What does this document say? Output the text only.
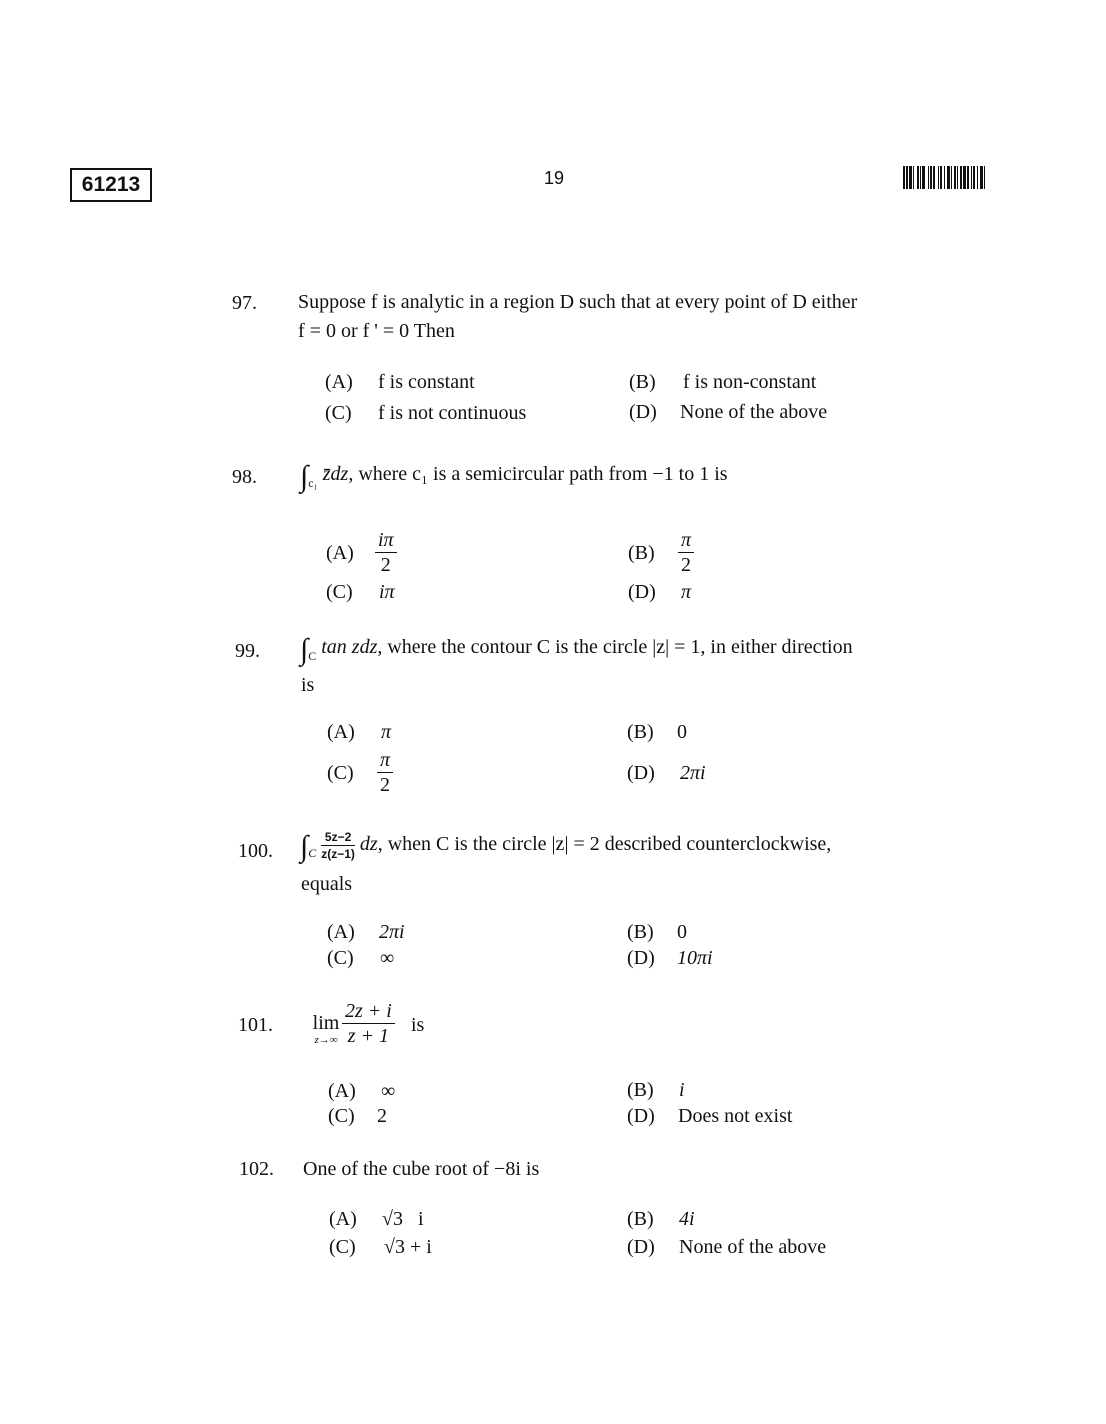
61213	19
97. Suppose f is analytic in a region D such that at every point of D either
f = 0 or f ' = 0 Then
(A) f is constant	(B) f is non-constant
(C) f is not continuous	(D) None of the above
98. $\int_{c_1}$ z̄dz, where c₁ is a semicircular path from −1 to 1 is
$(A) \frac{i\pi}{2}$	$(B) \frac{\pi}{2}$
(C) iπ	(D) π
99. $\int_C$ tan zdz, where the contour C is the circle |z| = 1, in either direction
is
(A) π	(B) 0
$(C) \frac{\pi}{2}$	(D) 2πi
100. $\int_C \frac{5z-2}{z(z-1)}$ dz, when C is the circle |z| = 2 described counterclockwise,
equals
(A) 2πi	(B) 0
(C) ∞	(D) 10πi
101.	lim
$z\to\infty \frac{2z + i}{z + 1}$ is
(A) ∞	(B) i
(C) 2	(D) Does not exist
102. One of the cube root of −8i is
(A) √3   i	(B) 4i
(C) √3 + i	(D) None of the above
